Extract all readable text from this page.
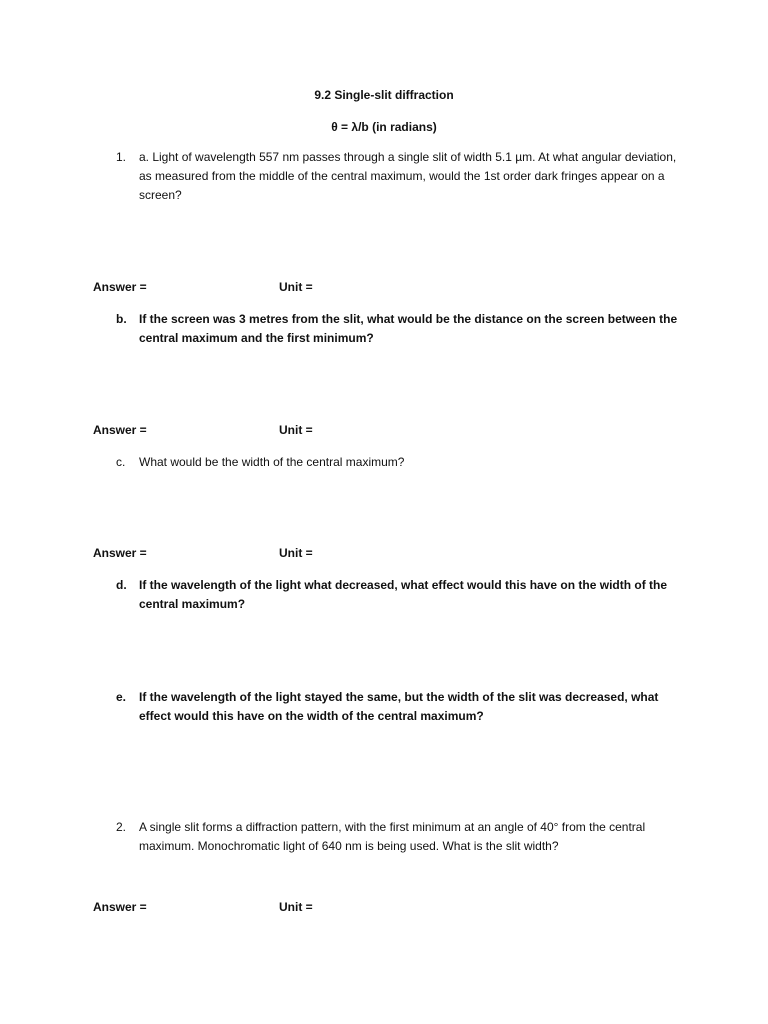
9.2 Single-slit diffraction
θ = λ/b (in radians)
1. a. Light of wavelength 557 nm passes through a single slit of width 5.1 µm. At what angular deviation, as measured from the middle of the central maximum, would the 1st order dark fringes appear on a screen?
Answer =	Unit =
b. If the screen was 3 metres from the slit, what would be the distance on the screen between the central maximum and the first minimum?
Answer =	Unit =
c. What would be the width of the central maximum?
Answer =	Unit =
d. If the wavelength of the light what decreased, what effect would this have on the width of the central maximum?
e. If the wavelength of the light stayed the same, but the width of the slit was decreased, what effect would this have on the width of the central maximum?
2. A single slit forms a diffraction pattern, with the first minimum at an angle of 40° from the central maximum. Monochromatic light of 640 nm is being used. What is the slit width?
Answer =	Unit =
